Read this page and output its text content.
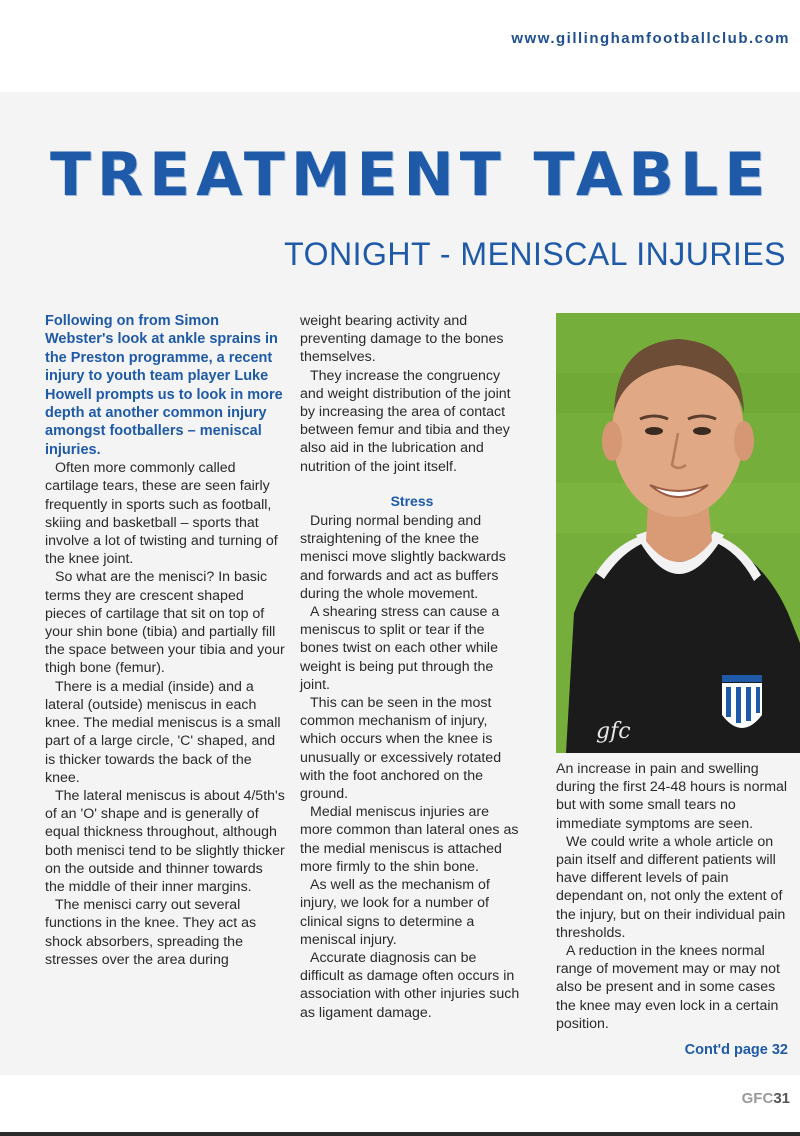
www.gillinghamfootballclub.com
TREATMENT TABLE
TONIGHT - MENISCAL INJURIES

Following on from Simon Webster's look at ankle sprains in the Preston programme, a recent injury to youth team player Luke Howell prompts us to look in more depth at another common injury amongst footballers – meniscal injuries.

Often more commonly called cartilage tears, these are seen fairly frequently in sports such as football, skiing and basketball – sports that involve a lot of twisting and turning of the knee joint.

So what are the menisci? In basic terms they are crescent shaped pieces of cartilage that sit on top of your shin bone (tibia) and partially fill the space between your tibia and your thigh bone (femur).

There is a medial (inside) and a lateral (outside) meniscus in each knee. The medial meniscus is a small part of a large circle, 'C' shaped, and is thicker towards the back of the knee.

The lateral meniscus is about 4/5th's of an 'O' shape and is generally of equal thickness throughout, although both menisci tend to be slightly thicker on the outside and thinner towards the middle of their inner margins.

The menisci carry out several functions in the knee. They act as shock absorbers, spreading the stresses over the area during

weight bearing activity and preventing damage to the bones themselves.

They increase the congruency and weight distribution of the joint by increasing the area of contact between femur and tibia and they also aid in the lubrication and nutrition of the joint itself.

Stress

During normal bending and straightening of the knee the menisci move slightly backwards and forwards and act as buffers during the whole movement.

A shearing stress can cause a meniscus to split or tear if the bones twist on each other while weight is being put through the joint.

This can be seen in the most common mechanism of injury, which occurs when the knee is unusually or excessively rotated with the foot anchored on the ground.

Medial meniscus injuries are more common than lateral ones as the medial meniscus is attached more firmly to the shin bone.

As well as the mechanism of injury, we look for a number of clinical signs to determine a meniscal injury.

Accurate diagnosis can be difficult as damage often occurs in association with other injuries such as ligament damage.

gfc

An increase in pain and swelling during the first 24-48 hours is normal but with some small tears no immediate symptoms are seen.

We could write a whole article on pain itself and different patients will have different levels of pain dependant on, not only the extent of the injury, but on their individual pain thresholds.

A reduction in the knees normal range of movement may or may not also be present and in some cases the knee may even lock in a certain position.

Cont'd page 32
GFC31
